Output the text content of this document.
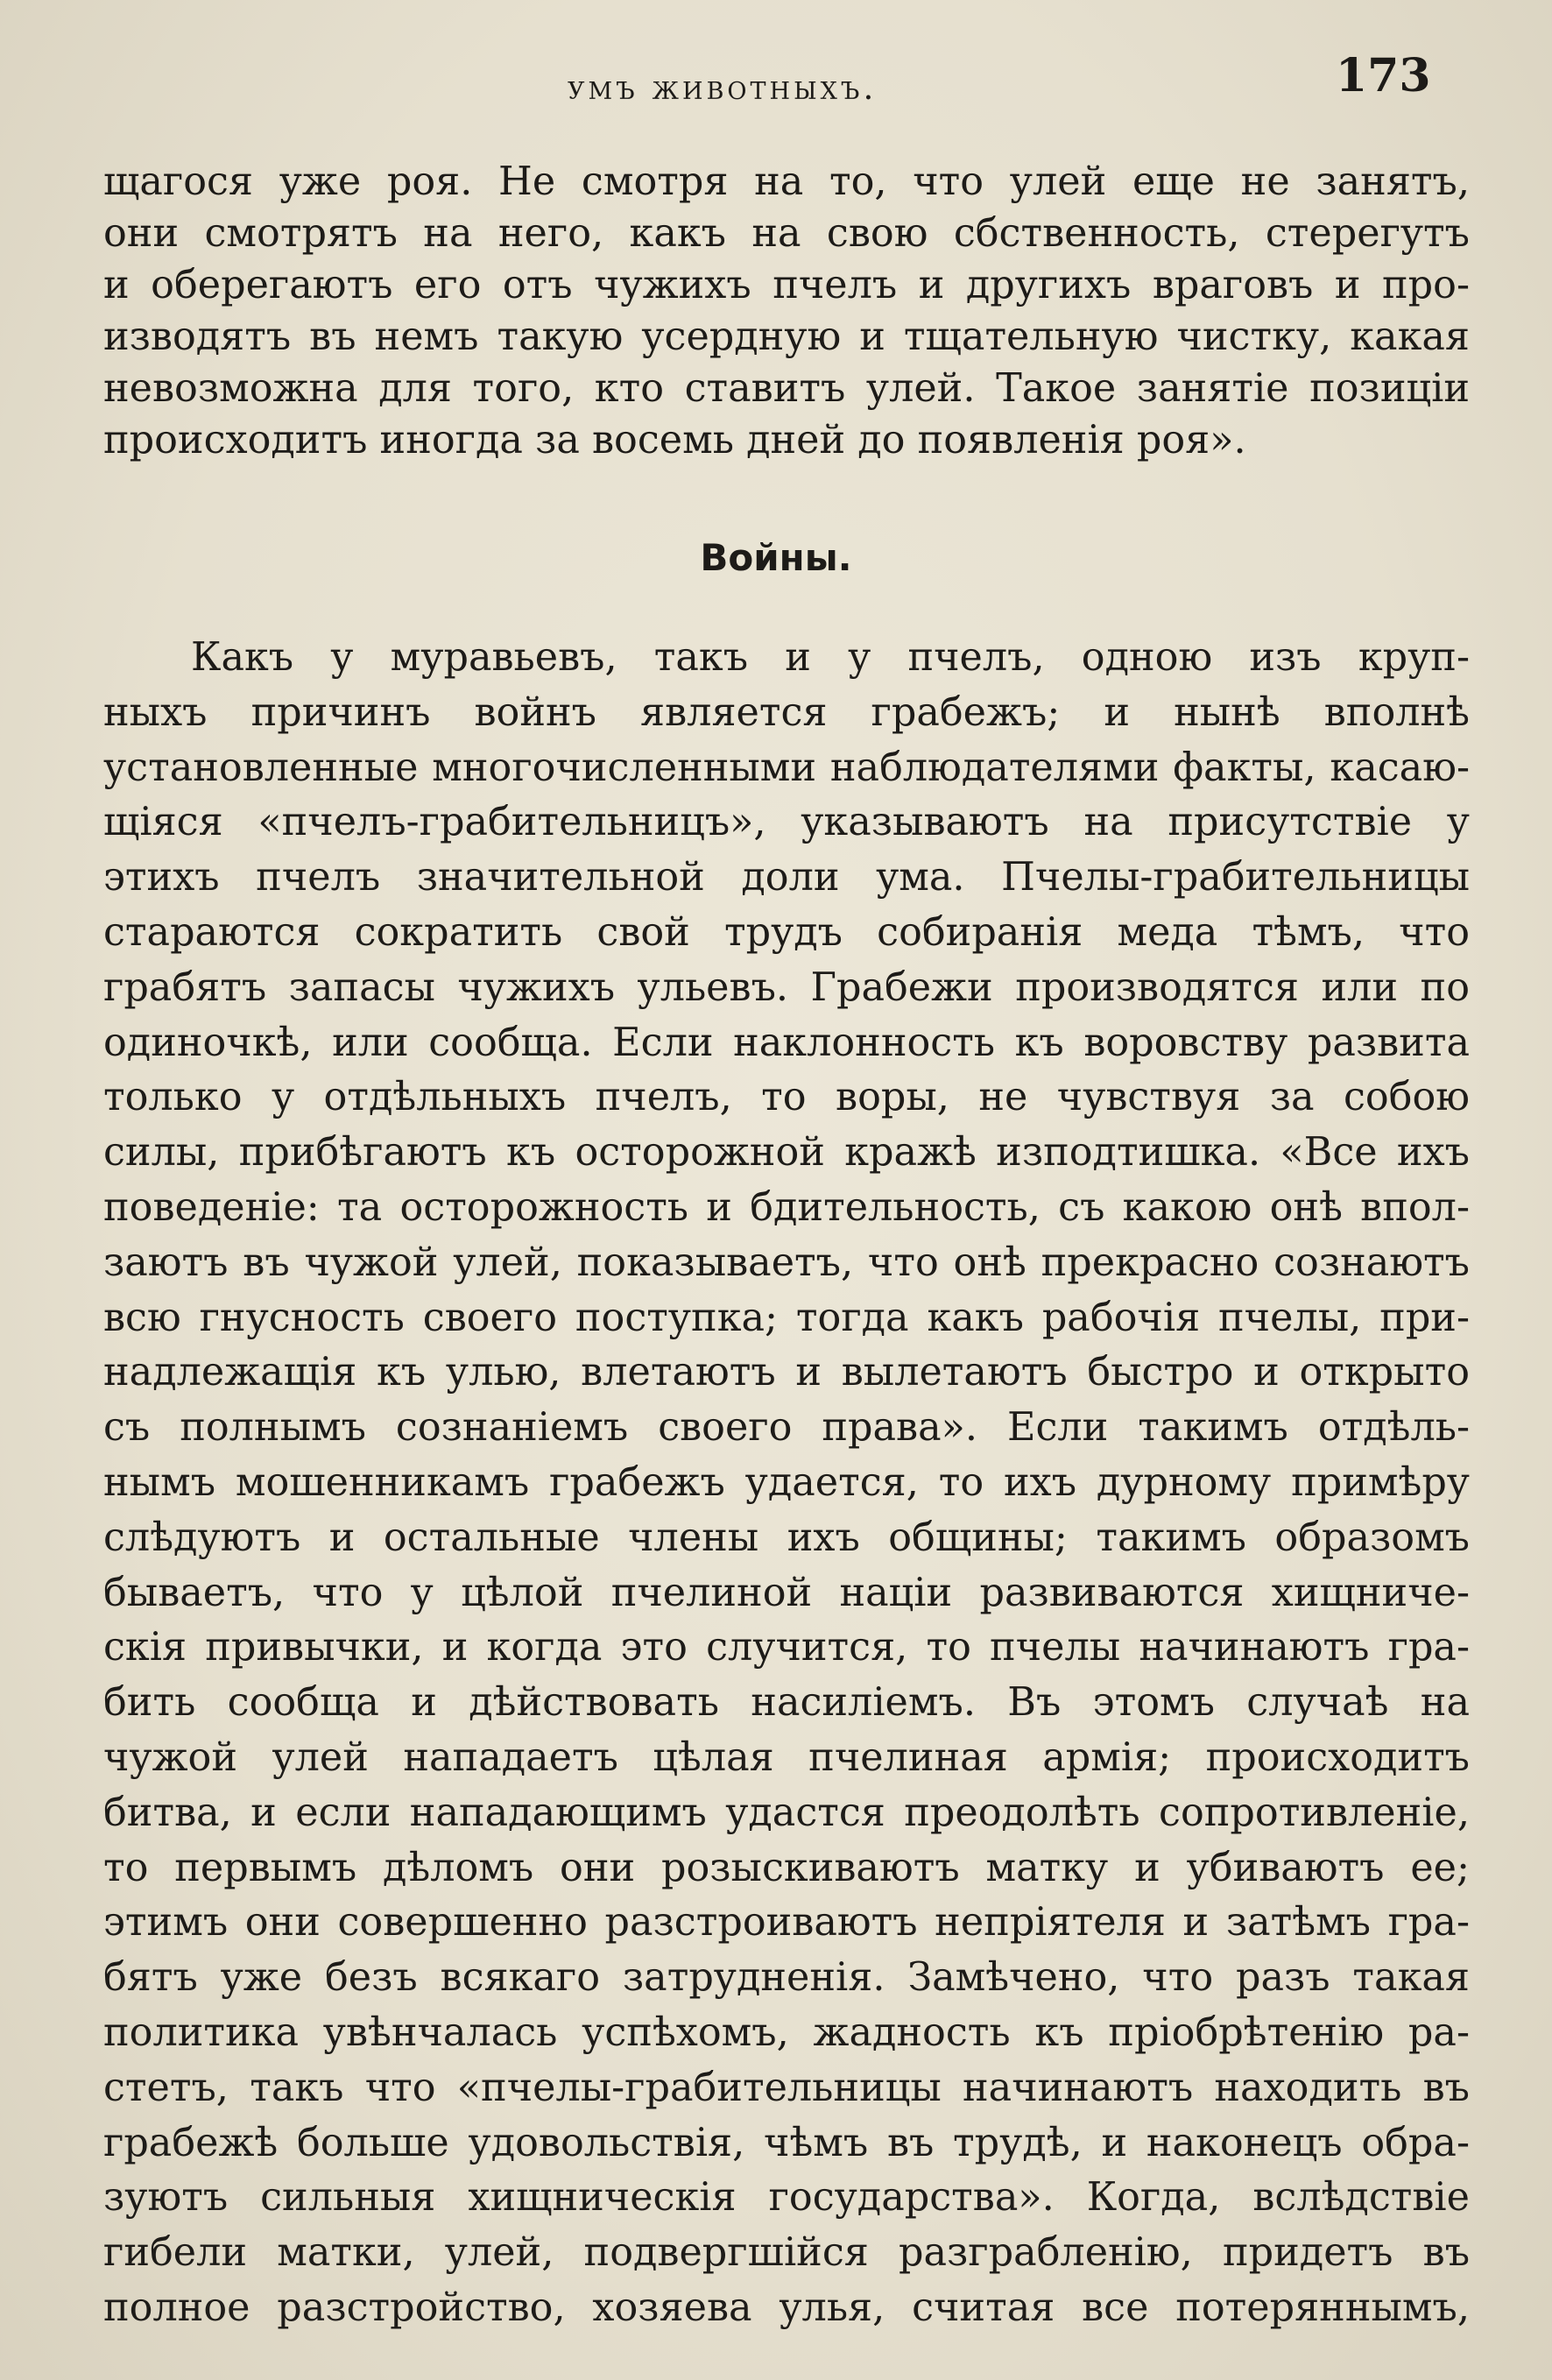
умъ животныхъ.	173
щагося уже роя. Не смотря на то, что улей еще не занятъ,
они смотрятъ на него, какъ на свою сбственность, стерегутъ
и оберегаютъ его отъ чужихъ пчелъ и другихъ враговъ и про-
изводятъ въ немъ такую усердную и тщательную чистку, какая
невозможна для того, кто ставитъ улей. Такое занятіе позиціи
происходитъ иногда за восемь дней до появленія роя».
Войны.
Какъ у муравьевъ, такъ и у пчелъ, одною изъ круп-
ныхъ причинъ войнъ является грабежъ; и нынѣ вполнѣ
установленные многочисленными наблюдателями факты, касаю-
щіяся «пчелъ-грабительницъ», указываютъ на присутствіе у
этихъ пчелъ значительной доли ума. Пчелы-грабительницы
стараются сократить свой трудъ собиранія меда тѣмъ, что
грабятъ запасы чужихъ ульевъ. Грабежи производятся или по
одиночкѣ, или сообща. Если наклонность къ воровству развита
только у отдѣльныхъ пчелъ, то воры, не чувствуя за собою
силы, прибѣгаютъ къ осторожной кражѣ изподтишка. «Все ихъ
поведеніе: та осторожность и бдительность, съ какою онѣ впол-
заютъ въ чужой улей, показываетъ, что онѣ прекрасно сознаютъ
всю гнусность своего поступка; тогда какъ рабочія пчелы, при-
надлежащія къ улью, влетаютъ и вылетаютъ быстро и открыто
съ полнымъ сознаніемъ своего права». Если такимъ отдѣль-
нымъ мошенникамъ грабежъ удается, то ихъ дурному примѣру
слѣдуютъ и остальные члены ихъ общины; такимъ образомъ
бываетъ, что у цѣлой пчелиной націи развиваются хищниче-
скія привычки, и когда это случится, то пчелы начинаютъ гра-
бить сообща и дѣйствовать насиліемъ. Въ этомъ случаѣ на
чужой улей нападаетъ цѣлая пчелиная армія; происходитъ
битва, и если нападающимъ удастся преодолѣть сопротивленіе,
то первымъ дѣломъ они розыскиваютъ матку и убиваютъ ее;
этимъ они совершенно разстроиваютъ непріятеля и затѣмъ гра-
бятъ уже безъ всякаго затрудненія. Замѣчено, что разъ такая
политика увѣнчалась успѣхомъ, жадность къ пріобрѣтенію ра-
стетъ, такъ что «пчелы-грабительницы начинаютъ находить въ
грабежѣ больше удовольствія, чѣмъ въ трудѣ, и наконецъ обра-
зуютъ сильныя хищническія государства». Когда, вслѣдствіе
гибели матки, улей, подвергшійся разграбленію, придетъ въ
полное разстройство, хозяева улья, считая все потеряннымъ,
